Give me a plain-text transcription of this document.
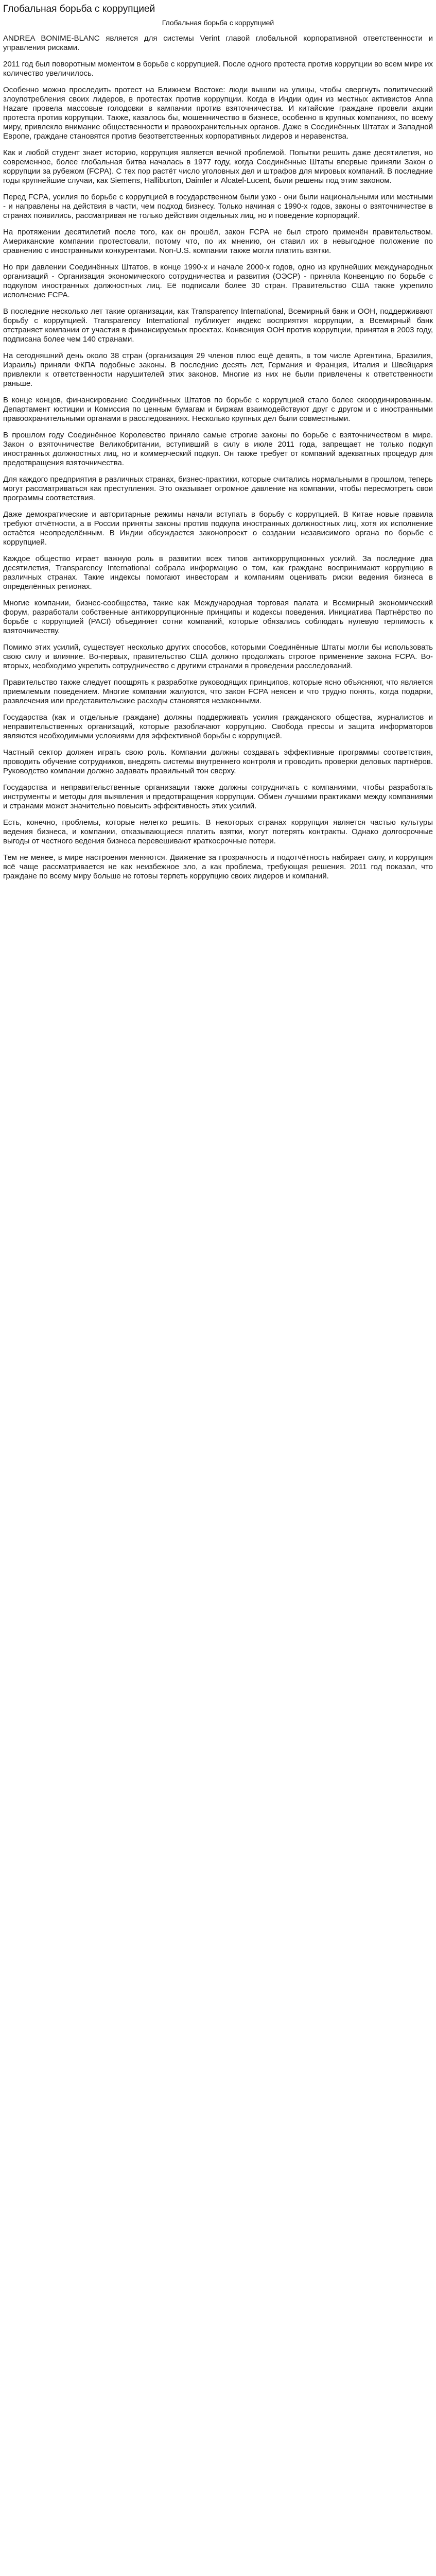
Глобальная борьба с коррупцией
Глобальная борьба с коррупцией

ANDREA BONIME-BLANC является для системы Verint главой глобальной корпоративной ответственности и управления рисками.

2011 год был поворотным моментом в борьбе с коррупцией. После одного протеста против коррупции во всем мире их количество увеличилось.

Особенно можно проследить протест на Ближнем Востоке: люди вышли на улицы, чтобы свергнуть политический злоупотребления своих лидеров, в протестах против коррупции. Когда в Индии один из местных активистов Anna Hazare провела массовые голодовки в кампании против взяточничества. И китайские граждане провели акции протеста против коррупции. Также, казалось бы, мошенничество в бизнесе, особенно в крупных компаниях, по всему миру, привлекло внимание общественности и правоохранительных органов. Даже в Соединённых Штатах и Западной Европе, граждане становятся против безответственных корпоративных лидеров и неравенства.

Как и любой студент знает историю, коррупция является вечной проблемой. Попытки решить даже десятилетия, но современное, более глобальная битва началась в 1977 году, когда Соединённые Штаты впервые приняли Закон о коррупции за рубежом (FCPA). С тех пор растёт число уголовных дел и штрафов для мировых компаний. В последние годы крупнейшие случаи, как Siemens, Halliburton, Daimler и Alcatel-Lucent, были решены под этим законом.

Перед FCPA, усилия по борьбе с коррупцией в государственном были узко - они были национальными или местными - и направлены на действия в части, чем подход бизнесу. Только начиная с 1990-х годов, законы о взяточничестве в странах появились, рассматривая не только действия отдельных лиц, но и поведение корпораций.

На протяжении десятилетий после того, как он прошёл, закон FCPA не был строго применён правительством. Американские компании протестовали, потому что, по их мнению, он ставил их в невыгодное положение по сравнению с иностранными конкурентами. Non-U.S. компании также могли платить взятки.

Но при давлении Соединённых Штатов, в конце 1990-х и начале 2000-х годов, одно из крупнейших международных организаций - Организация экономического сотрудничества и развития (ОЭСР) - приняла Конвенцию по борьбе с подкупом иностранных должностных лиц. Её подписали более 30 стран. Правительство США также укрепило исполнение FCPA.

В последние несколько лет такие организации, как Transparency International, Всемирный банк и ООН, поддерживают борьбу с коррупцией. Transparency International публикует индекс восприятия коррупции, а Всемирный банк отстраняет компании от участия в финансируемых проектах. Конвенция ООН против коррупции, принятая в 2003 году, подписана более чем 140 странами.

На сегодняшний день около 38 стран (организация 29 членов плюс ещё девять, в том числе Аргентина, Бразилия, Израиль) приняли ФКПА подобные законы. В последние десять лет, Германия и Франция, Италия и Швейцария привлекли к ответственности нарушителей этих законов. Многие из них не были привлечены к ответственности раньше.

В конце концов, финансирование Соединённых Штатов по борьбе с коррупцией стало более скоординированным. Департамент юстиции и Комиссия по ценным бумагам и биржам взаимодействуют друг с другом и с иностранными правоохранительными органами в расследованиях. Несколько крупных дел были совместными.

В прошлом году Соединённое Королевство приняло самые строгие законы по борьбе с взяточничеством в мире. Закон о взяточничестве Великобритании, вступивший в силу в июле 2011 года, запрещает не только подкуп иностранных должностных лиц, но и коммерческий подкуп. Он также требует от компаний адекватных процедур для предотвращения взяточничества.

Для каждого предприятия в различных странах, бизнес-практики, которые считались нормальными в прошлом, теперь могут рассматриваться как преступления. Это оказывает огромное давление на компании, чтобы пересмотреть свои программы соответствия.

Даже демократические и авторитарные режимы начали вступать в борьбу с коррупцией. В Китае новые правила требуют отчётности, а в России приняты законы против подкупа иностранных должностных лиц, хотя их исполнение остаётся неопределённым. В Индии обсуждается законопроект о создании независимого органа по борьбе с коррупцией.

Каждое общество играет важную роль в развитии всех типов антикоррупционных усилий. За последние два десятилетия, Transparency International собрала информацию о том, как граждане воспринимают коррупцию в различных странах. Такие индексы помогают инвесторам и компаниям оценивать риски ведения бизнеса в определённых регионах.

Многие компании, бизнес-сообщества, такие как Международная торговая палата и Всемирный экономический форум, разработали собственные антикоррупционные принципы и кодексы поведения. Инициатива Партнёрство по борьбе с коррупцией (PACI) объединяет сотни компаний, которые обязались соблюдать нулевую терпимость к взяточничеству.

Помимо этих усилий, существует несколько других способов, которыми Соединённые Штаты могли бы использовать свою силу и влияние. Во-первых, правительство США должно продолжать строгое применение закона FCPA. Во-вторых, необходимо укрепить сотрудничество с другими странами в проведении расследований.

Правительство также следует поощрять к разработке руководящих принципов, которые ясно объясняют, что является приемлемым поведением. Многие компании жалуются, что закон FCPA неясен и что трудно понять, когда подарки, развлечения или представительские расходы становятся незаконными.

Государства (как и отдельные граждане) должны поддерживать усилия гражданского общества, журналистов и неправительственных организаций, которые разоблачают коррупцию. Свобода прессы и защита информаторов являются необходимыми условиями для эффективной борьбы с коррупцией.

Частный сектор должен играть свою роль. Компании должны создавать эффективные программы соответствия, проводить обучение сотрудников, внедрять системы внутреннего контроля и проводить проверки деловых партнёров. Руководство компании должно задавать правильный тон сверху.

Государства и неправительственные организации также должны сотрудничать с компаниями, чтобы разработать инструменты и методы для выявления и предотвращения коррупции. Обмен лучшими практиками между компаниями и странами может значительно повысить эффективность этих усилий.

Есть, конечно, проблемы, которые нелегко решить. В некоторых странах коррупция является частью культуры ведения бизнеса, и компании, отказывающиеся платить взятки, могут потерять контракты. Однако долгосрочные выгоды от честного ведения бизнеса перевешивают краткосрочные потери.

Тем не менее, в мире настроения меняются. Движение за прозрачность и подотчётность набирает силу, и коррупция всё чаще рассматривается не как неизбежное зло, а как проблема, требующая решения. 2011 год показал, что граждане по всему миру больше не готовы терпеть коррупцию своих лидеров и компаний.
